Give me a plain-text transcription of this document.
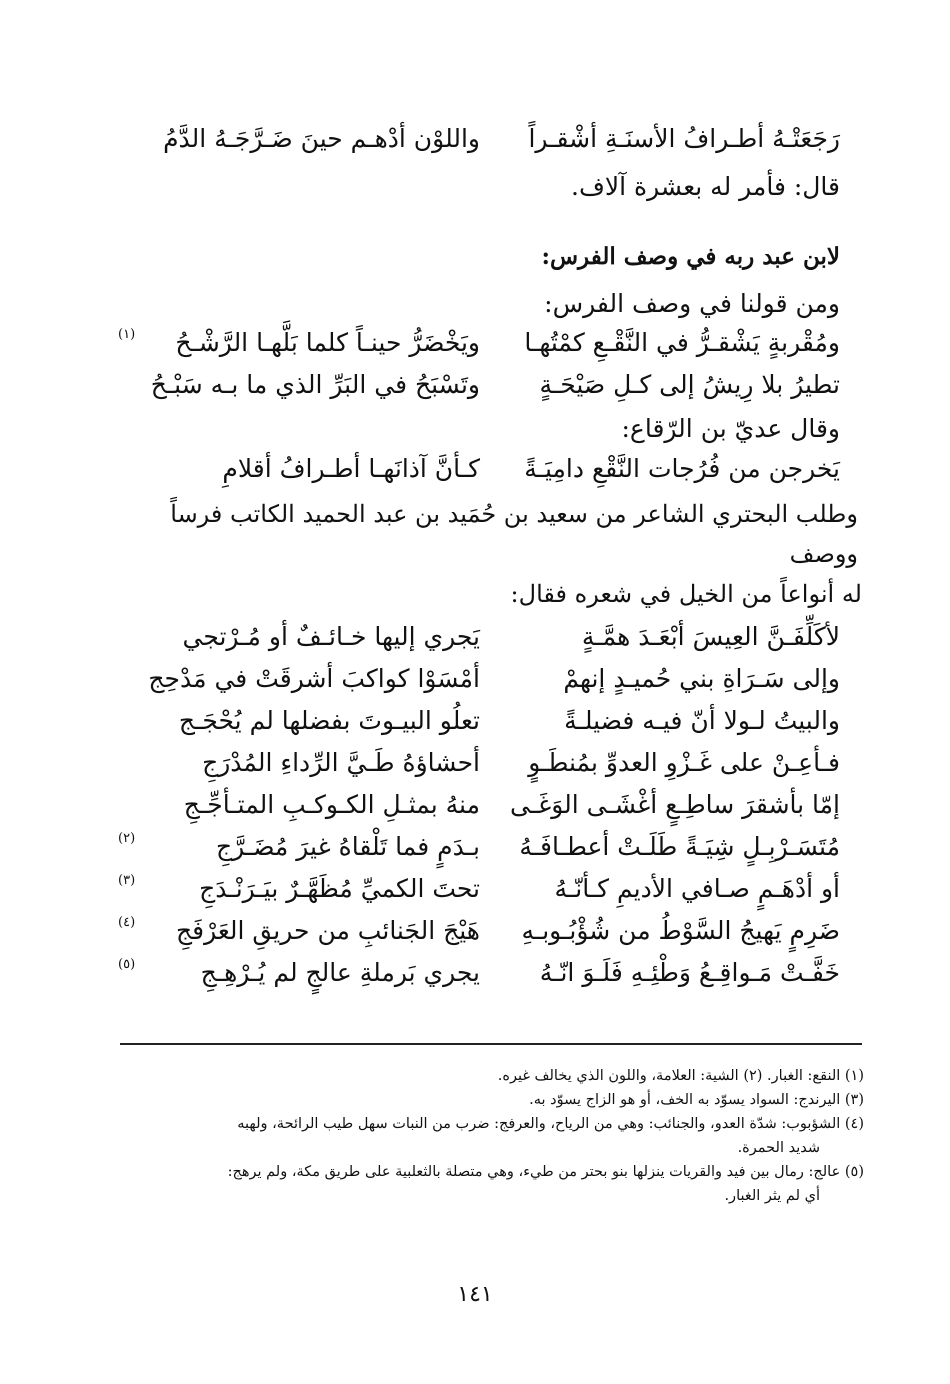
رَجَعَتْـهُ أطـرافُ الأسنَـةِ أشْقـراً
واللوْن أدْهـم حينَ ضَـرَّجَـهُ الدَّمُ
قال: فأمر له بعشرة آلاف.
لابن عبد ربه في وصف الفرس:
ومن قولنا في وصف الفرس:
ومُقْربةٍ يَشْقـرُّ في النَّقْـعِ كمْتُهـا
ويَخْضَرُّ حينـاً كلما بَلَّهـا الرَّشْـحُ
(١)
تطيرُ بلا رِيشُ إلى كـلِ صَيْحَـةٍ
وتَسْبَحُ في البَرِّ الذي ما بـه سَبْـحُ
وقال عديّ بن الرّقاع:
يَخرجن من فُرُجات النَّقْعِ دامِيَـةً
كـأنَّ آذانَهـا أطـرافُ أقلامِ
وطلب البحتري الشاعر من سعيد بن حُمَيد بن عبد الحميد الكاتب فرساً ووصف
له أنواعاً من الخيل في شعره فقال:
لأكَلِّفَـنَّ العِيسَ أبْعَـدَ همَّـةٍ
يَجري إليها خـائـفٌ أو مُـرْتجي
وإلى سَـرَاةِ بني حُميـدٍ إنهمْ
أمْسَوْا كواكبَ أشرقَتْ في مَدْحِج
والبيتُ لـولا أنّ فيـه فضيلـةً
تعلُو البيـوتَ بفضلها لم يُحْجَـج
فـأعِـنْ على غَـزْوِ العدوِّ بمُنطَـوٍ
أحشاؤهُ طَـيَّ الرِّداءِ المُدْرَجِ
إمّا بأشقرَ ساطِـعٍ أغْشَـى الوَغَـى
منهُ بمثـلِ الكـوكـبِ المتـأجِّـجِ
مُتَسَـرْبِـلٍ شِيَـةً طَلَـتْ أعطـافَـهُ
بـدَمٍ فما تَلْقاهُ غيرَ مُضَـرَّجِ
(٢)
أو أدْهَـمٍ صـافي الأديمِ كـأنّـهُ
تحتَ الكميِّ مُظَهَّـرٌ بيَـرَنْـدَجِ
(٣)
ضَرِمٍ يَهيجُ السَّوْطُ من شُؤْبُـوبـهِ
هَيْجَ الجَنائبِ من حريقِ العَرْفَجِ
(٤)
خَفَّـتْ مَـواقِـعُ وَطْئِـهِ فَلَـوَ انّـهُ
يجري بَرملةِ عالجٍ لم يُـرْهِـجِ
(٥)
(١) النقع: الغبار. (٢) الشية: العلامة، واللون الذي يخالف غيره.
(٣) اليرندج: السواد يسوّد به الخف، أو هو الزاج يسوّد به.
(٤) الشؤبوب: شدّة العدو، والجنائب: وهي من الرياح، والعرفج: ضرب من النبات سهل طيب الرائحة، ولهبه
شديد الحمرة.
(٥) عالج: رمال بين فيد والقريات ينزلها بنو بحتر من طيء، وهي متصلة بالثعلبية على طريق مكة، ولم يرهج:
أي لم يثر الغبار.
١٤١
